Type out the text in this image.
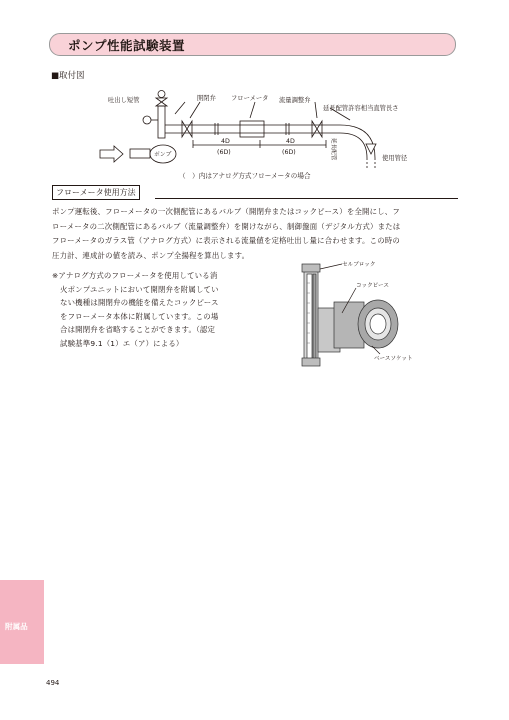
ポンプ性能試験装置
■取付図
吐出し短管	開閉弁 フローメータ 流量調整弁
延長配管許容相当直管長さ
延長配管	使用管径
ポンプ
4D
(6D)
4D
(6D)
（　）内はアナログ方式フローメータの場合
フローメータ使用方法
ポンプ運転後、フローメータの一次側配管にあるバルブ（開閉弁またはコックピース）を全開にし、フ
ローメータの二次側配管にあるバルブ（流量調整弁）を開けながら、制御盤面（デジタル方式）または
フローメータのガラス管（アナログ方式）に表示される流量値を定格吐出し量に合わせます。この時の
圧力計、連成計の値を読み、ポンプ全揚程を算出します。
※アナログ方式のフローメータを使用している消
火ポンプユニットにおいて開閉弁を附属してい
ない機種は開閉弁の機能を備えたコックピース
をフローメータ本体に附属しています。この場
合は開閉弁を省略することができます。（認定
試験基準9.1（1）エ（ア）による）
セルブロック
コックピース
ベースソケット
附属品
494
